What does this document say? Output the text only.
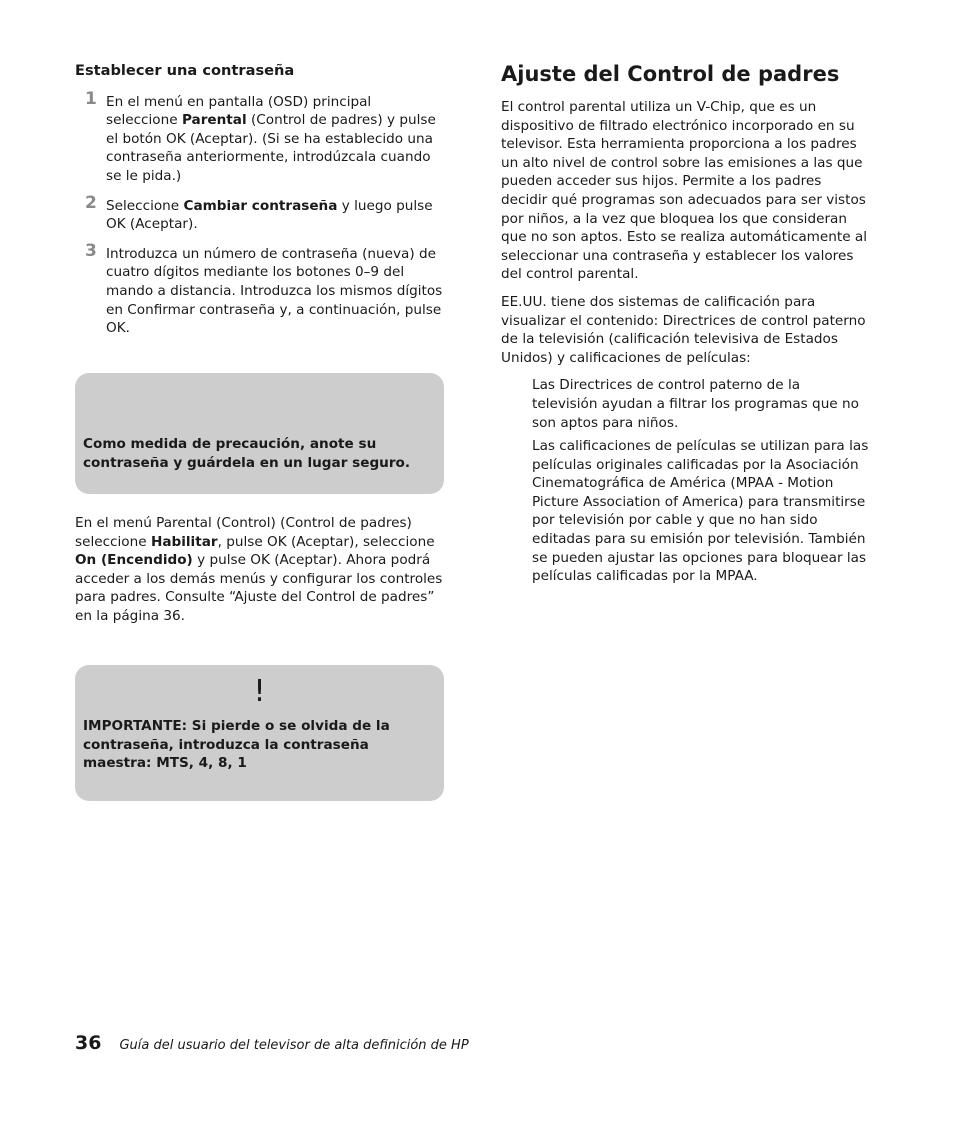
Establecer una contraseña
1 En el menú en pantalla (OSD) principal seleccione Parental (Control de padres) y pulse el botón OK (Aceptar). (Si se ha establecido una contraseña anteriormente, introdúzcala cuando se le pida.)
2 Seleccione Cambiar contraseña y luego pulse OK (Aceptar).
3 Introduzca un número de contraseña (nueva) de cuatro dígitos mediante los botones 0–9 del mando a distancia. Introduzca los mismos dígitos en Confirmar contraseña y, a continuación, pulse OK.
Como medida de precaución, anote su contraseña y guárdela en un lugar seguro.
En el menú Parental (Control) (Control de padres) seleccione Habilitar, pulse OK (Aceptar), seleccione On (Encendido) y pulse OK (Aceptar). Ahora podrá acceder a los demás menús y configurar los controles para padres. Consulte “Ajuste del Control de padres” en la página 36.
!
IMPORTANTE: Si pierde o se olvida de la contraseña, introduzca la contraseña maestra: MTS, 4, 8, 1
Ajuste del Control de padres

El control parental utiliza un V-Chip, que es un dispositivo de filtrado electrónico incorporado en su televisor. Esta herramienta proporciona a los padres un alto nivel de control sobre las emisiones a las que pueden acceder sus hijos. Permite a los padres decidir qué programas son adecuados para ser vistos por niños, a la vez que bloquea los que consideran que no son aptos. Esto se realiza automáticamente al seleccionar una contraseña y establecer los valores del control parental.

EE.UU. tiene dos sistemas de calificación para visualizar el contenido: Directrices de control paterno de la televisión (calificación televisiva de Estados Unidos) y calificaciones de películas:

Las Directrices de control paterno de la televisión ayudan a filtrar los programas que no son aptos para niños.

Las calificaciones de películas se utilizan para las películas originales calificadas por la Asociación Cinematográfica de América (MPAA - Motion Picture Association of America) para transmitirse por televisión por cable y que no han sido editadas para su emisión por televisión. También se pueden ajustar las opciones para bloquear las películas calificadas por la MPAA.

36 Guía del usuario del televisor de alta definición de HP
